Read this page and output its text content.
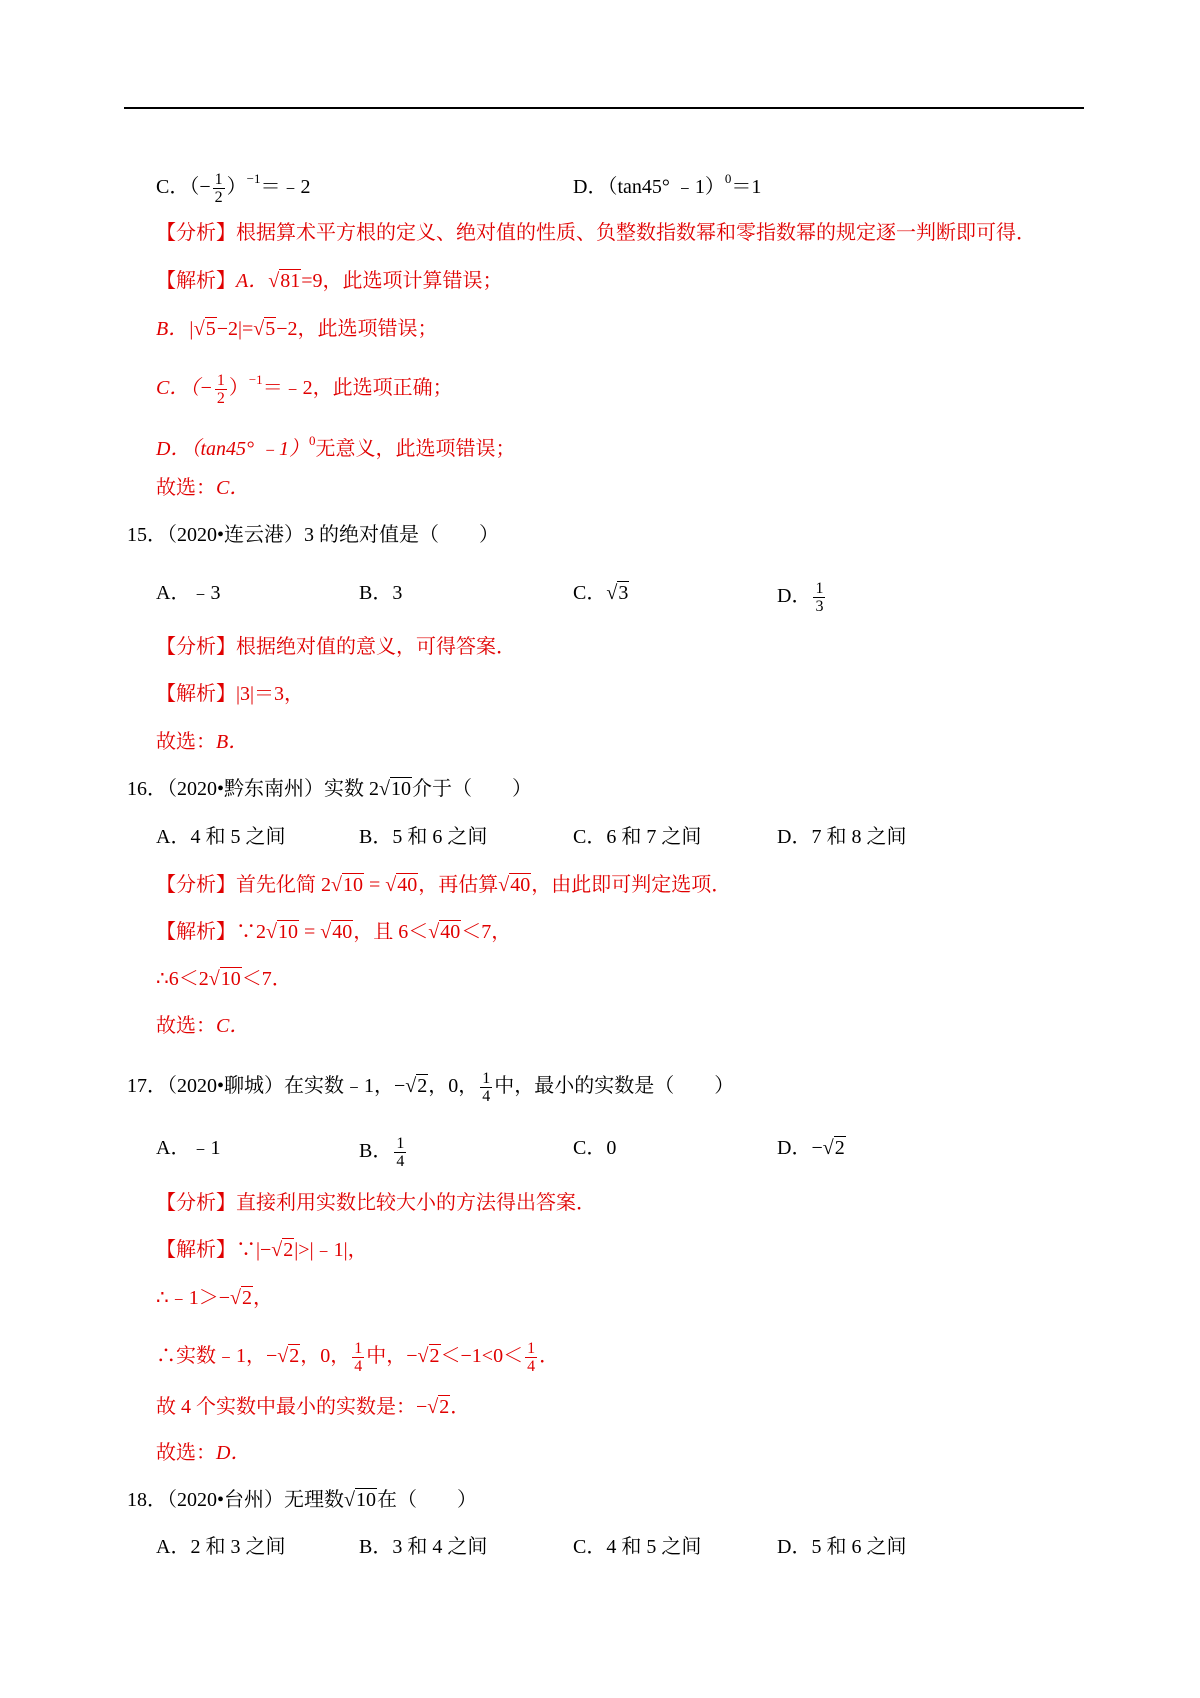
C．（− $\frac{1}{2}$ ）$^{-1}$＝﹣2	D．（tan45° ﹣1）$^0$＝1
【分析】根据算术平方根的定义、绝对值的性质、负整数指数幂和零指数幂的规定逐一判断即可得．
【解析】A．√81=9，此选项计算错误；
B．|√5−2|=√5−2，此选项错误；
C．（− $\frac{1}{2}$ ）$^{-1}$＝﹣2，此选项正确；
D．（tan45° ﹣1）$^0$无意义，此选项错误；
故选：C．
15．（2020•连云港）3 的绝对值是（　　）
A．﹣3	B．3	C．√3	D． $\frac{1}{3}$
【分析】根据绝对值的意义，可得答案．
【解析】|3|＝3，
故选：B．
16．（2020•黔东南州）实数 2√10介于（　　）
A．4 和 5 之间	B．5 和 6 之间	C．6 和 7 之间	D．7 和 8 之间
【分析】首先化简 2√10 = √40，再估算√40，由此即可判定选项．
【解析】∵2√10 = √40，且 6＜√40＜7，
∴6＜2√10＜7．
故选：C．
17．（2020•聊城）在实数﹣1，−√2，0， $\frac{1}{4}$ 中，最小的实数是（　　）
A．﹣1	B． $\frac{1}{4}$	C．0	D．−√2
【分析】直接利用实数比较大小的方法得出答案．
【解析】∵|−√2|>|﹣1|，
∴﹣1＞−√2，
∴实数﹣1，−√2，0， $\frac{1}{4}$ 中，$-√2<-1<0< \frac{1}{4}$ ．
故 4 个实数中最小的实数是：−√2．
故选：D．
18．（2020•台州）无理数√10在（　　）
A．2 和 3 之间	B．3 和 4 之间	C．4 和 5 之间	D．5 和 6 之间
